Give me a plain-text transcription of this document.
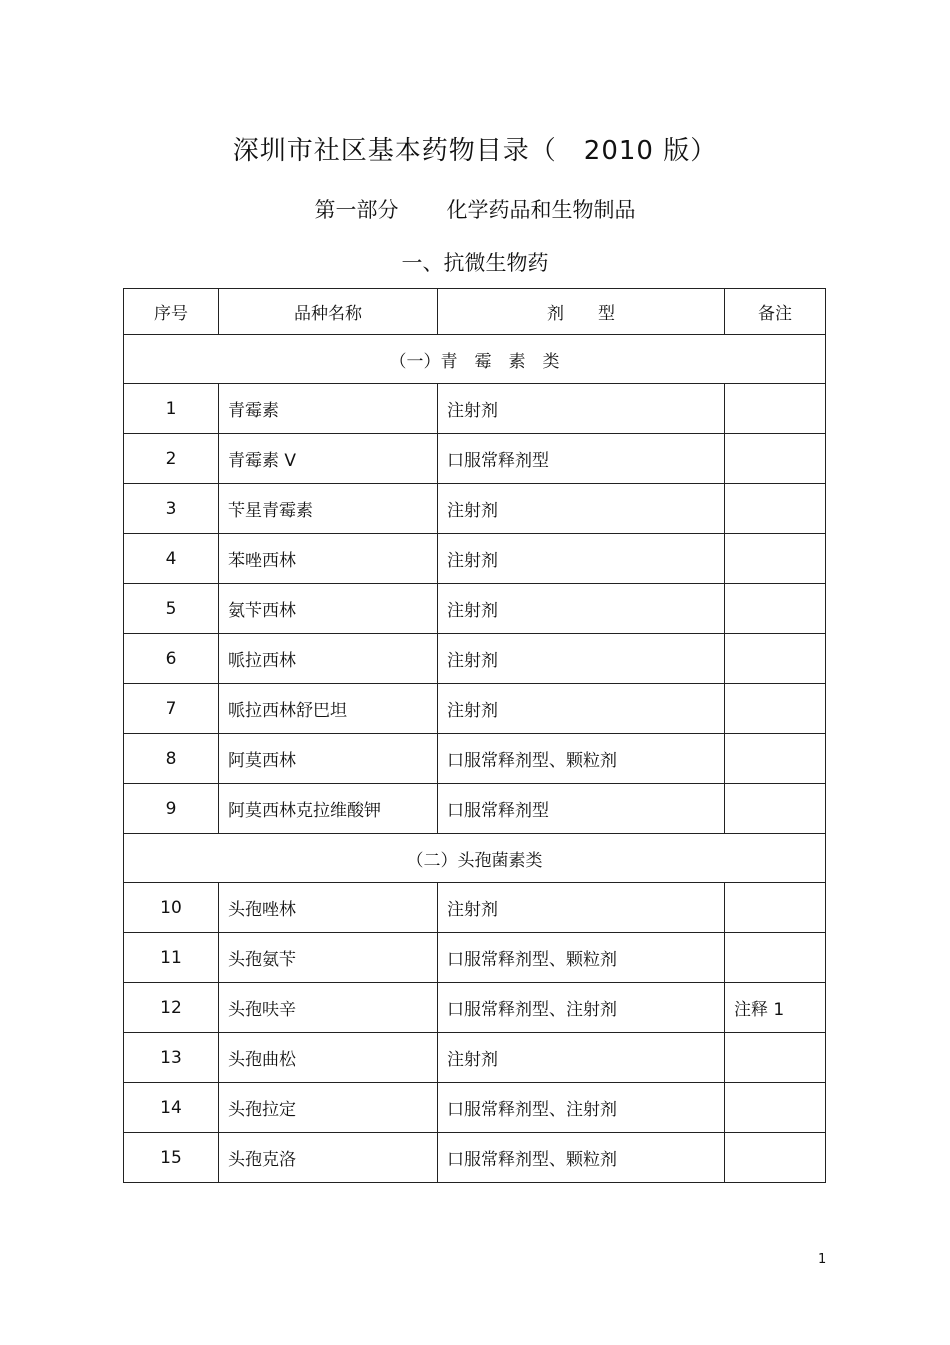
深圳市社区基本药物目录（　2010 版）
第一部分 化学药品和生物制品
一、抗微生物药
序号	品种名称	剂　　型	备注
（一）青　霉　素　类			
1	青霉素	注射剂	
2	青霉素 V	口服常释剂型	
3	苄星青霉素	注射剂	
4	苯唑西林	注射剂	
5	氨苄西林	注射剂	
6	哌拉西林	注射剂	
7	哌拉西林舒巴坦	注射剂	
8	阿莫西林	口服常释剂型、颗粒剂	
9	阿莫西林克拉维酸钾	口服常释剂型	
（二）头孢菌素类			
10	头孢唑林	注射剂	
11	头孢氨苄	口服常释剂型、颗粒剂	
12	头孢呋辛	口服常释剂型、注射剂	注释 1
13	头孢曲松	注射剂	
14	头孢拉定	口服常释剂型、注射剂	
15	头孢克洛	口服常释剂型、颗粒剂	
1
